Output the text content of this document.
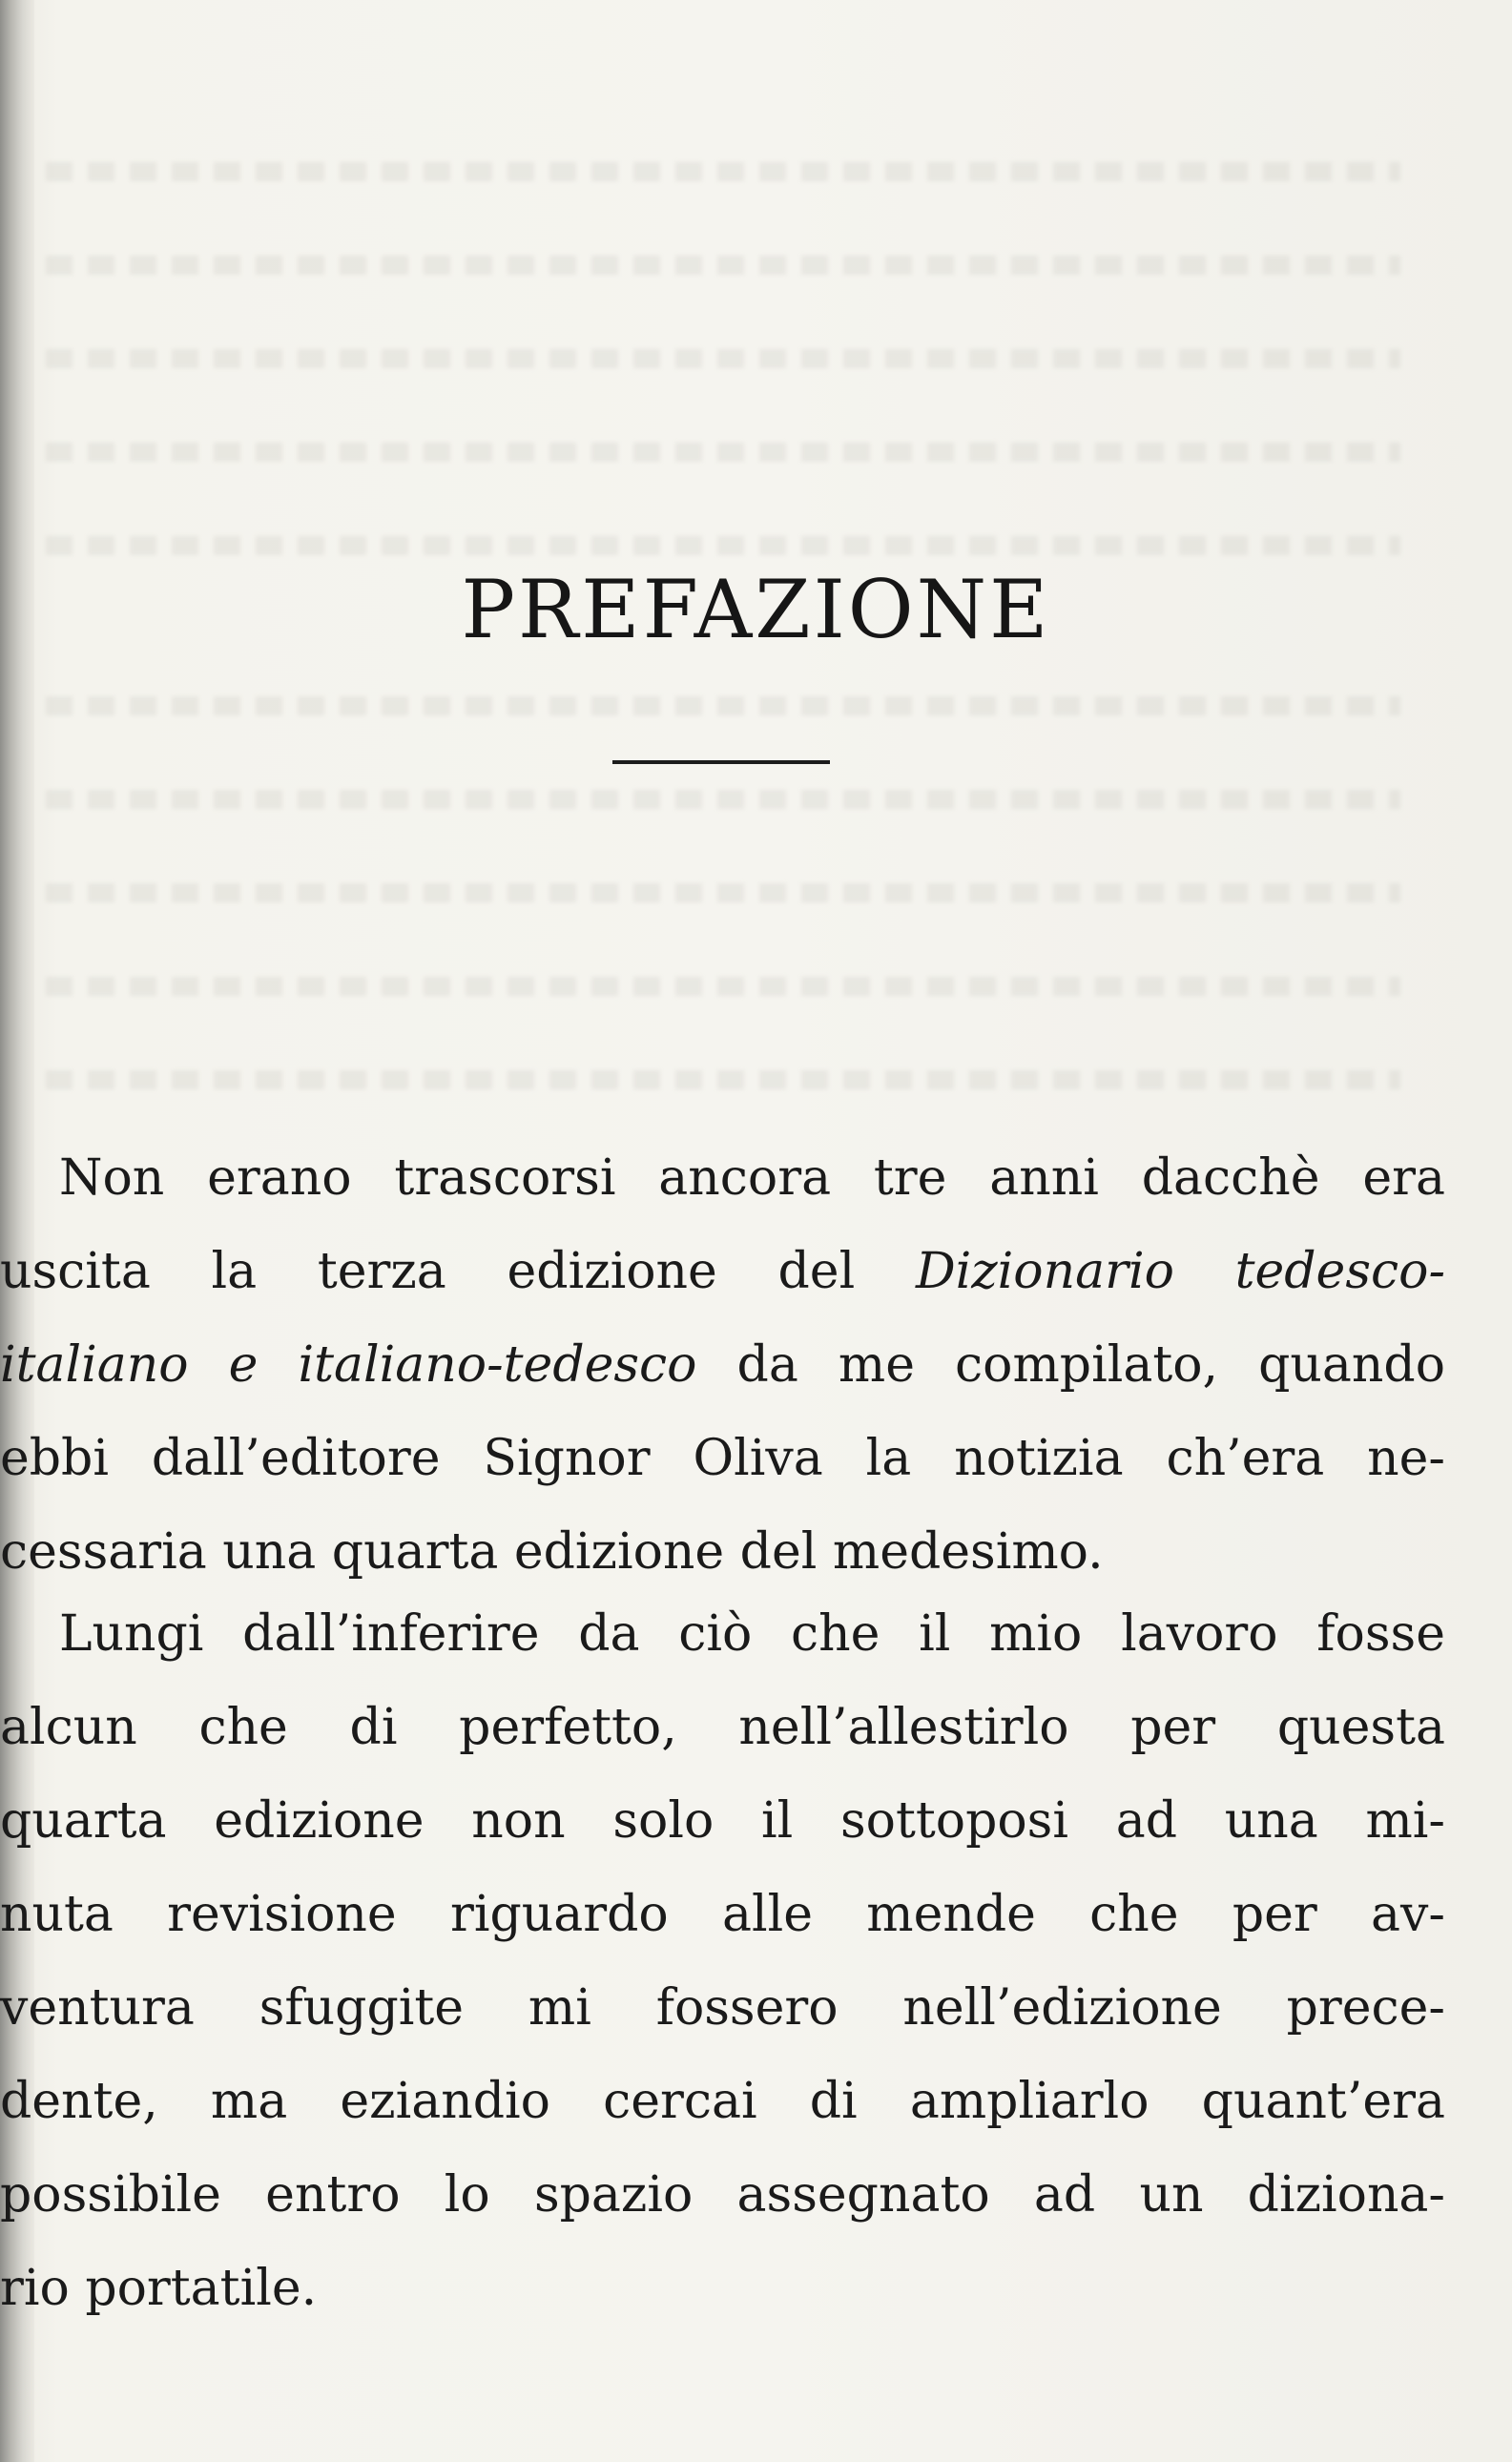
PREFAZIONE
Non erano trascorsi ancora tre anni dacchè era
uscita la terza edizione del Dizionario tedesco-
italiano e italiano-tedesco da me compilato, quando
ebbi dall’editore Signor Oliva la notizia ch’era ne-
cessaria una quarta edizione del medesimo.
Lungi dall’inferire da ciò che il mio lavoro fosse
alcun che di perfetto, nell’allestirlo per questa
quarta edizione non solo il sottoposi ad una mi-
nuta revisione riguardo alle mende che per av-
ventura sfuggite mi fossero nell’edizione prece-
dente, ma eziandio cercai di ampliarlo quant’era
possibile entro lo spazio assegnato ad un diziona-
rio portatile.
